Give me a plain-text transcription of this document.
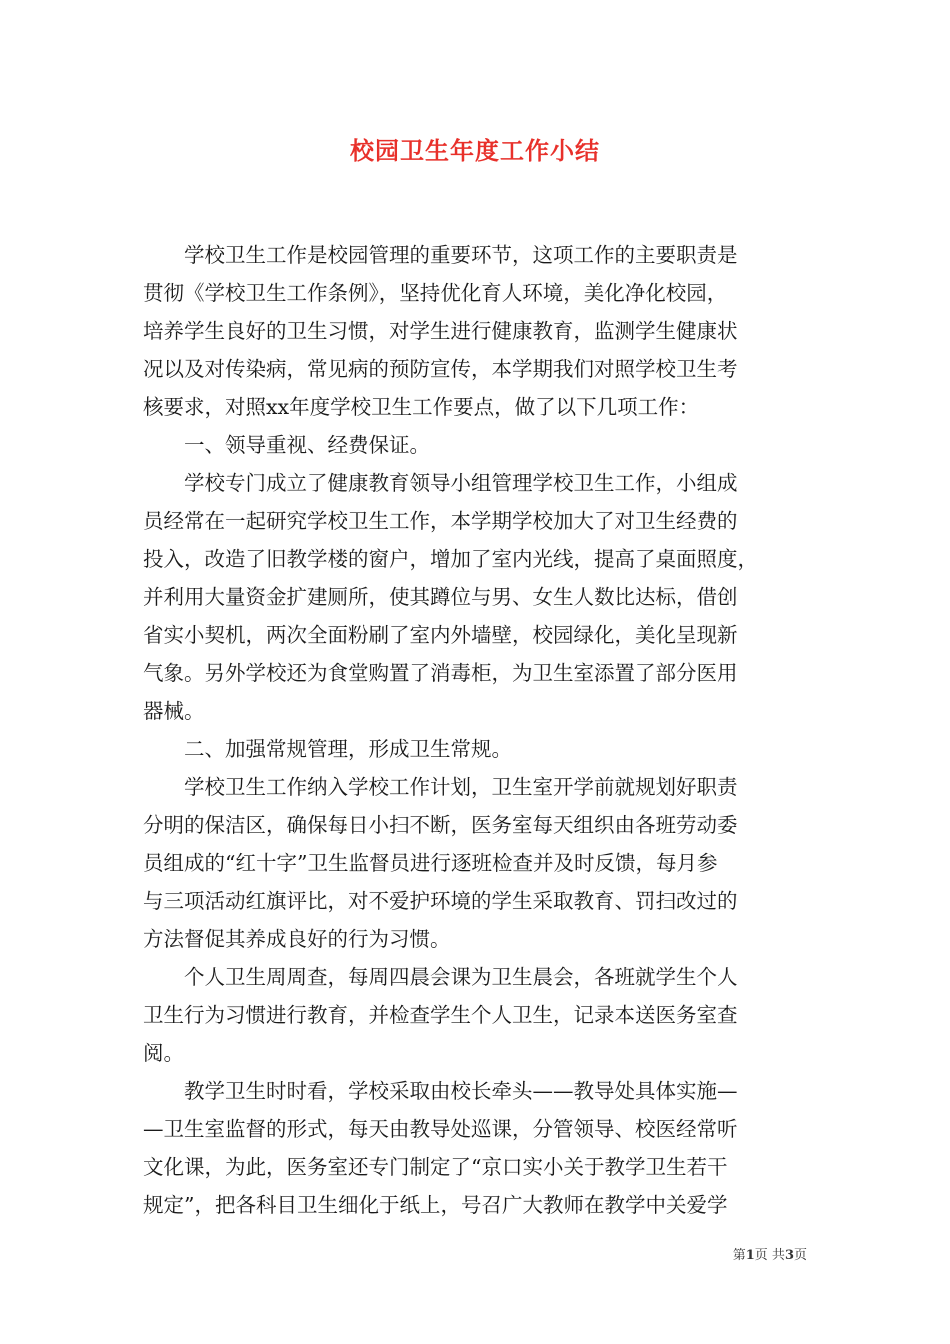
校园卫生年度工作小结
　　学校卫生工作是校园管理的重要环节，这项工作的主要职责是
贯彻《学校卫生工作条例》，坚持优化育人环境，美化净化校园，
培养学生良好的卫生习惯，对学生进行健康教育，监测学生健康状
况以及对传染病，常见病的预防宣传，本学期我们对照学校卫生考
核要求，对照xx年度学校卫生工作要点，做了以下几项工作：
　　一、领导重视、经费保证。
　　学校专门成立了健康教育领导小组管理学校卫生工作，小组成
员经常在一起研究学校卫生工作，本学期学校加大了对卫生经费的
投入，改造了旧教学楼的窗户，增加了室内光线，提高了桌面照度，
并利用大量资金扩建厕所，使其蹲位与男、女生人数比达标，借创
省实小契机，两次全面粉刷了室内外墙壁，校园绿化，美化呈现新
气象。另外学校还为食堂购置了消毒柜，为卫生室添置了部分医用
器械。
　　二、加强常规管理，形成卫生常规。
　　学校卫生工作纳入学校工作计划，卫生室开学前就规划好职责
分明的保洁区，确保每日小扫不断，医务室每天组织由各班劳动委
员组成的“红十字”卫生监督员进行逐班检查并及时反馈，每月参
与三项活动红旗评比，对不爱护环境的学生采取教育、罚扫改过的
方法督促其养成良好的行为习惯。
　　个人卫生周周查，每周四晨会课为卫生晨会，各班就学生个人
卫生行为习惯进行教育，并检查学生个人卫生，记录本送医务室查
阅。
　　教学卫生时时看，学校采取由校长牵头——教导处具体实施—
—卫生室监督的形式，每天由教导处巡课，分管领导、校医经常听
文化课，为此，医务室还专门制定了“京口实小关于教学卫生若干
规定”，把各科目卫生细化于纸上，号召广大教师在教学中关爱学
第1页 共3页
